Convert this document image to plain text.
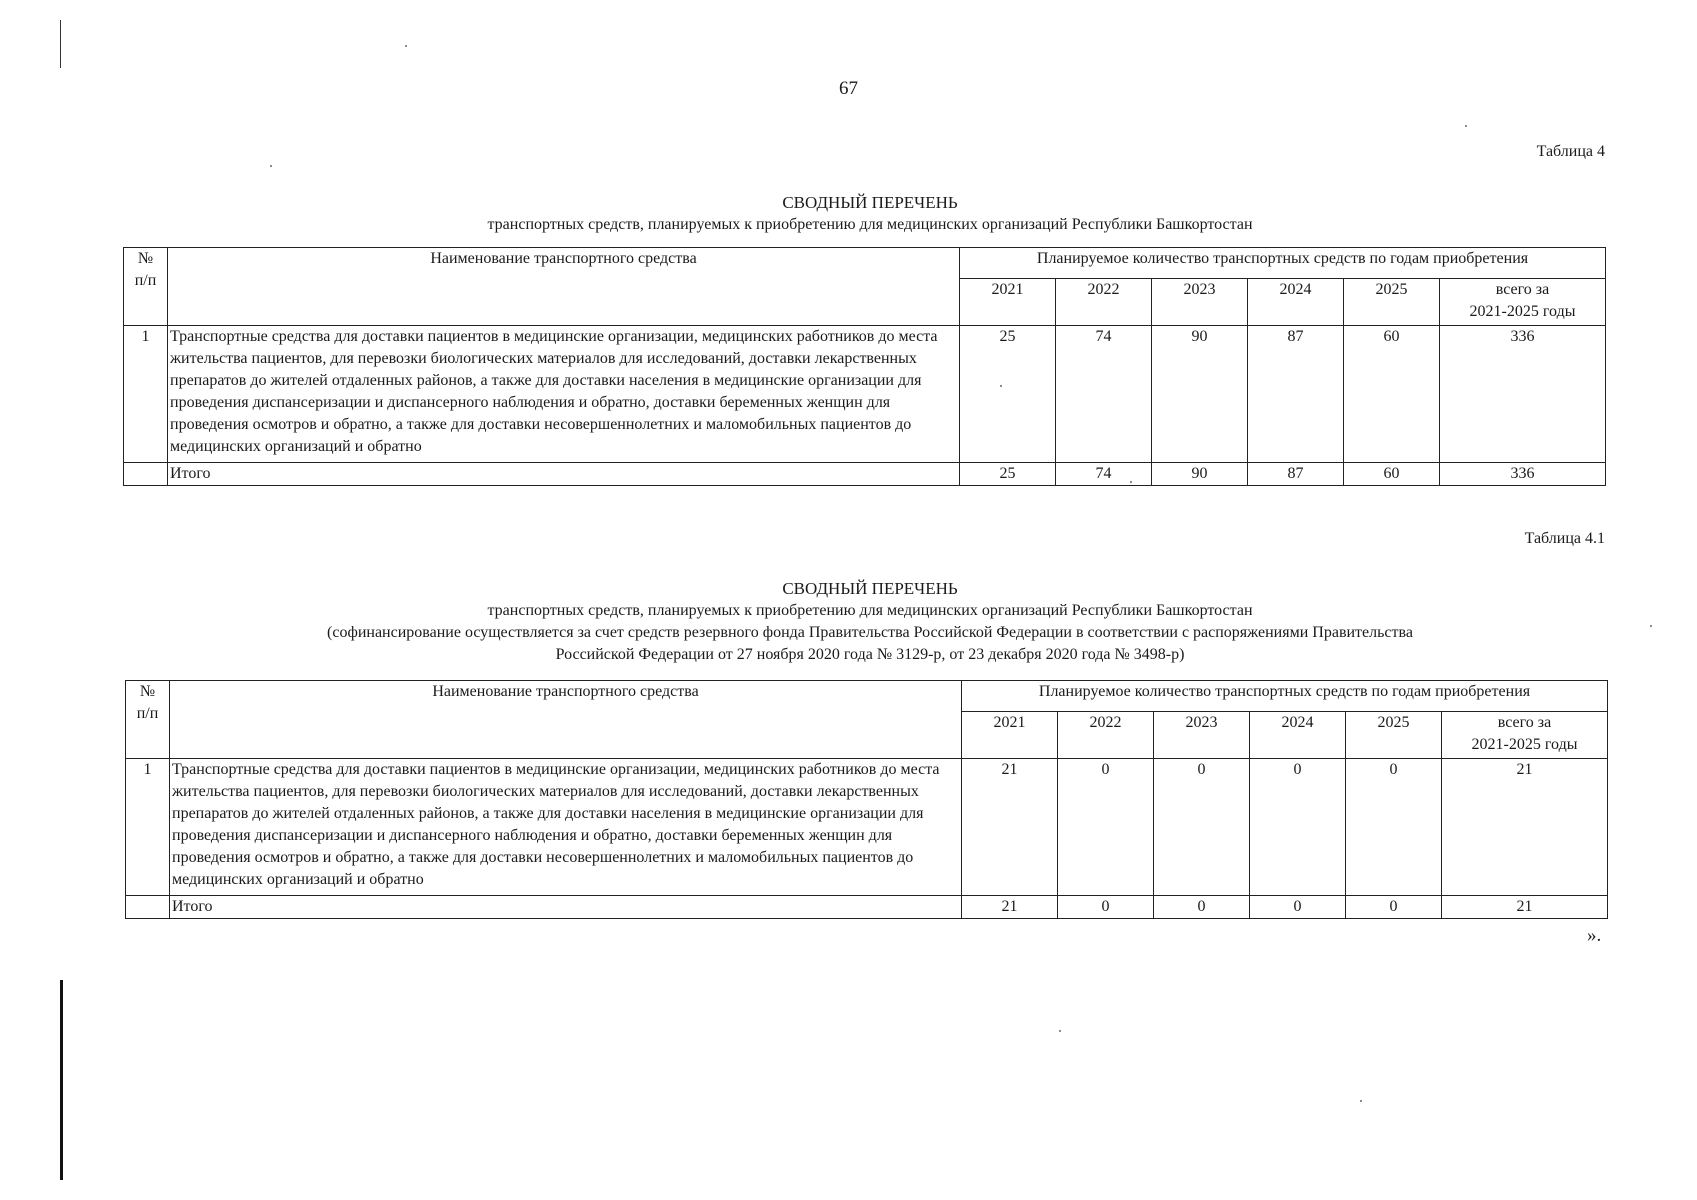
67
Таблица 4
СВОДНЫЙ ПЕРЕЧЕНЬ
транспортных средств, планируемых к приобретению для медицинских организаций Республики Башкортостан
№
п/п	Наименование транспортного средства	Планируемое количество транспортных средств по годам приобретения					
		2021	2022	2023	2024	2025	всего за
2021-2025 годы
1	Транспортные средства для доставки пациентов в медицинские организации, медицинских работников до места жительства пациентов, для перевозки биологических материалов для исследований, доставки лекарственных препаратов до жителей отдаленных районов, а также для доставки населения в медицинские организации для проведения диспансеризации и диспансерного наблюдения и обратно, доставки беременных женщин для проведения осмотров и обратно, а также для доставки несовершеннолетних и маломобильных пациентов до медицинских организаций и обратно	25	74	90	87	60	336
	Итого	25	74	90	87	60	336
Таблица 4.1
СВОДНЫЙ ПЕРЕЧЕНЬ
транспортных средств, планируемых к приобретению для медицинских организаций Республики Башкортостан
(софинансирование осуществляется за счет средств резервного фонда Правительства Российской Федерации в соответствии с распоряжениями Правительства
Российской Федерации от 27 ноября 2020 года № 3129-р, от 23 декабря 2020 года № 3498-р)
№
п/п	Наименование транспортного средства	Планируемое количество транспортных средств по годам приобретения					
		2021	2022	2023	2024	2025	всего за
2021-2025 годы
1	Транспортные средства для доставки пациентов в медицинские организации, медицинских работников до места жительства пациентов, для перевозки биологических материалов для исследований, доставки лекарственных препаратов до жителей отдаленных районов, а также для доставки населения в медицинские организации для проведения диспансеризации и диспансерного наблюдения и обратно, доставки беременных женщин для проведения осмотров и обратно, а также для доставки несовершеннолетних и маломобильных пациентов до медицинских организаций и обратно	21	0	0	0	0	21
	Итого	21	0	0	0	0	21
».
